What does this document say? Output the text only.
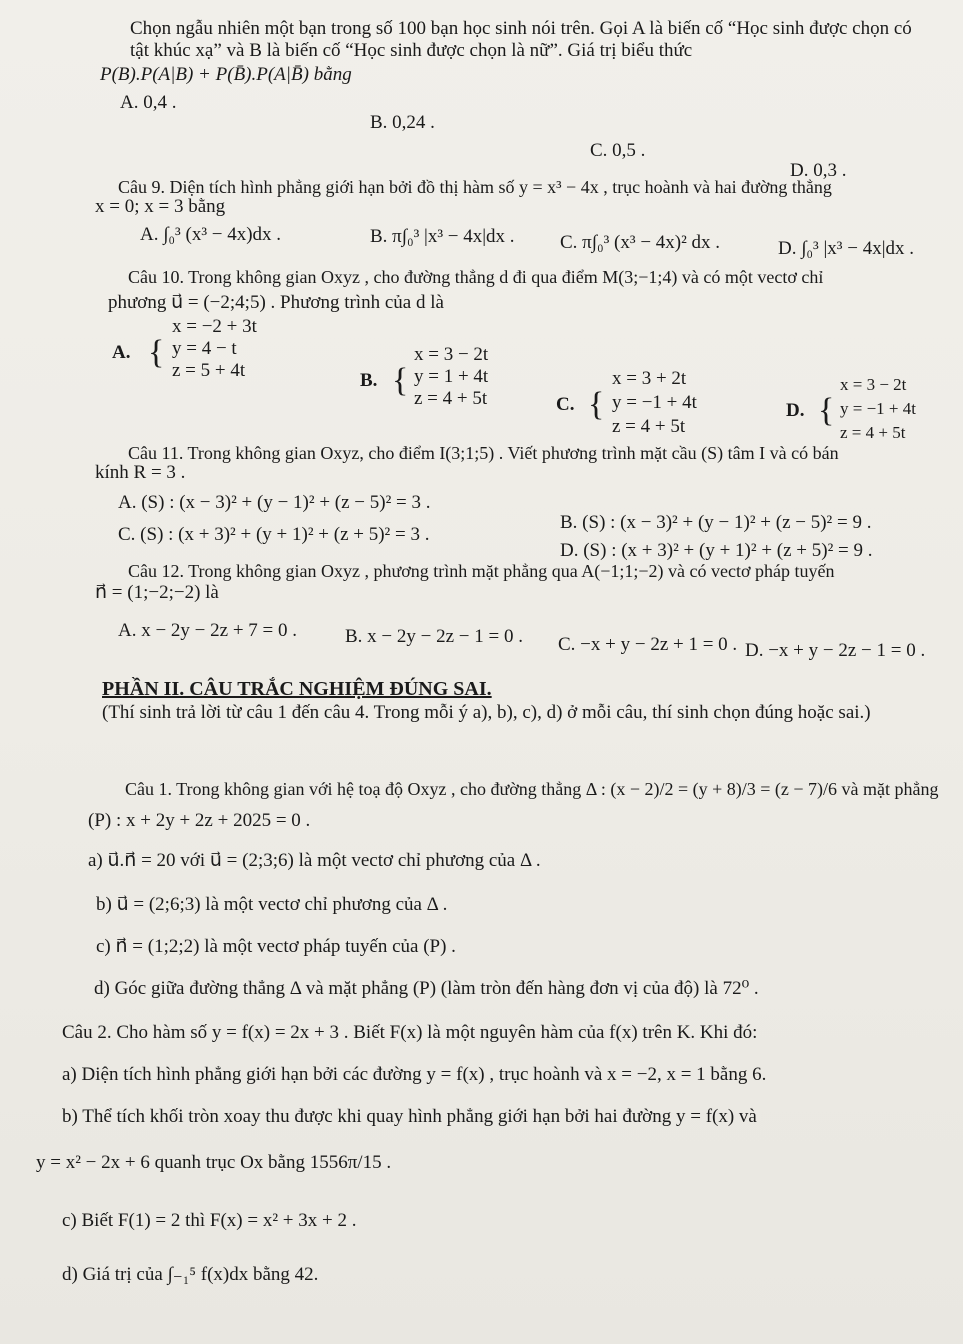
Chọn ngẫu nhiên một bạn trong số 100 bạn học sinh nói trên. Gọi A là biến cố “Học sinh được chọn có
tật khúc xạ” và B là biến cố “Học sinh được chọn là nữ”. Giá trị biểu thức
P(B).P(A|B) + P(B̄).P(A|B̄) bằng
A. 0,4 .
B. 0,24 .
C. 0,5 .
D. 0,3 .
Câu 9. Diện tích hình phẳng giới hạn bởi đồ thị hàm số y = x³ − 4x , trục hoành và hai đường thẳng
x = 0; x = 3 bằng
A. ∫₀³ (x³ − 4x)dx .	B. π∫₀³ |x³ − 4x|dx . C. π∫₀³ (x³ − 4x)² dx .	D. ∫₀³ |x³ − 4x|dx .
Câu 10. Trong không gian Oxyz , cho đường thẳng d đi qua điểm M(3;−1;4) và có một vectơ chỉ
phương u⃗ = (−2;4;5) . Phương trình của d là
A. {
x = −2 + 3t
y = 4 − t
z = 5 + 4t	B. {
x = 3 − 2t
y = 1 + 4t
z = 4 + 5t	C. {
x = 3 + 2t
y = −1 + 4t
z = 4 + 5t
D. {
x = 3 − 2t
y = −1 + 4t
z = 4 + 5t
Câu 11. Trong không gian Oxyz, cho điểm I(3;1;5) . Viết phương trình mặt cầu (S) tâm I và có bán
kính R = 3 .
A. (S) : (x − 3)² + (y − 1)² + (z − 5)² = 3 .
B. (S) : (x − 3)² + (y − 1)² + (z − 5)² = 9 .
C. (S) : (x + 3)² + (y + 1)² + (z + 5)² = 3 .
D. (S) : (x + 3)² + (y + 1)² + (z + 5)² = 9 .
Câu 12. Trong không gian Oxyz , phương trình mặt phẳng qua A(−1;1;−2) và có vectơ pháp tuyến
n⃗ = (1;−2;−2) là
A. x − 2y − 2z + 7 = 0 .	B. x − 2y − 2z − 1 = 0 . C. −x + y − 2z + 1 = 0 . D. −x + y − 2z − 1 = 0 .
PHẦN II. CÂU TRẮC NGHIỆM ĐÚNG SAI.
(Thí sinh trả lời từ câu 1 đến câu 4. Trong mỗi ý a), b), c), d) ở mỗi câu, thí sinh chọn đúng hoặc sai.)
Câu 1. Trong không gian với hệ toạ độ Oxyz , cho đường thẳng Δ : (x − 2)/2 = (y + 8)/3 = (z − 7)/6 và mặt phẳng
(P) : x + 2y + 2z + 2025 = 0 .
a) u⃗.n⃗ = 20 với u⃗ = (2;3;6) là một vectơ chỉ phương của Δ .
b) u⃗ = (2;6;3) là một vectơ chỉ phương của Δ .
c) n⃗ = (1;2;2) là một vectơ pháp tuyến của (P) .
d) Góc giữa đường thẳng Δ và mặt phẳng (P) (làm tròn đến hàng đơn vị của độ) là 72⁰ .
Câu 2. Cho hàm số y = f(x) = 2x + 3 . Biết F(x) là một nguyên hàm của f(x) trên K. Khi đó:
a) Diện tích hình phẳng giới hạn bởi các đường y = f(x) , trục hoành và x = −2, x = 1 bằng 6.
b) Thể tích khối tròn xoay thu được khi quay hình phẳng giới hạn bởi hai đường y = f(x) và
y = x² − 2x + 6 quanh trục Ox bằng 1556π/15 .
c) Biết F(1) = 2 thì F(x) = x² + 3x + 2 .
d) Giá trị của ∫₋₁⁵ f(x)dx bằng 42.
